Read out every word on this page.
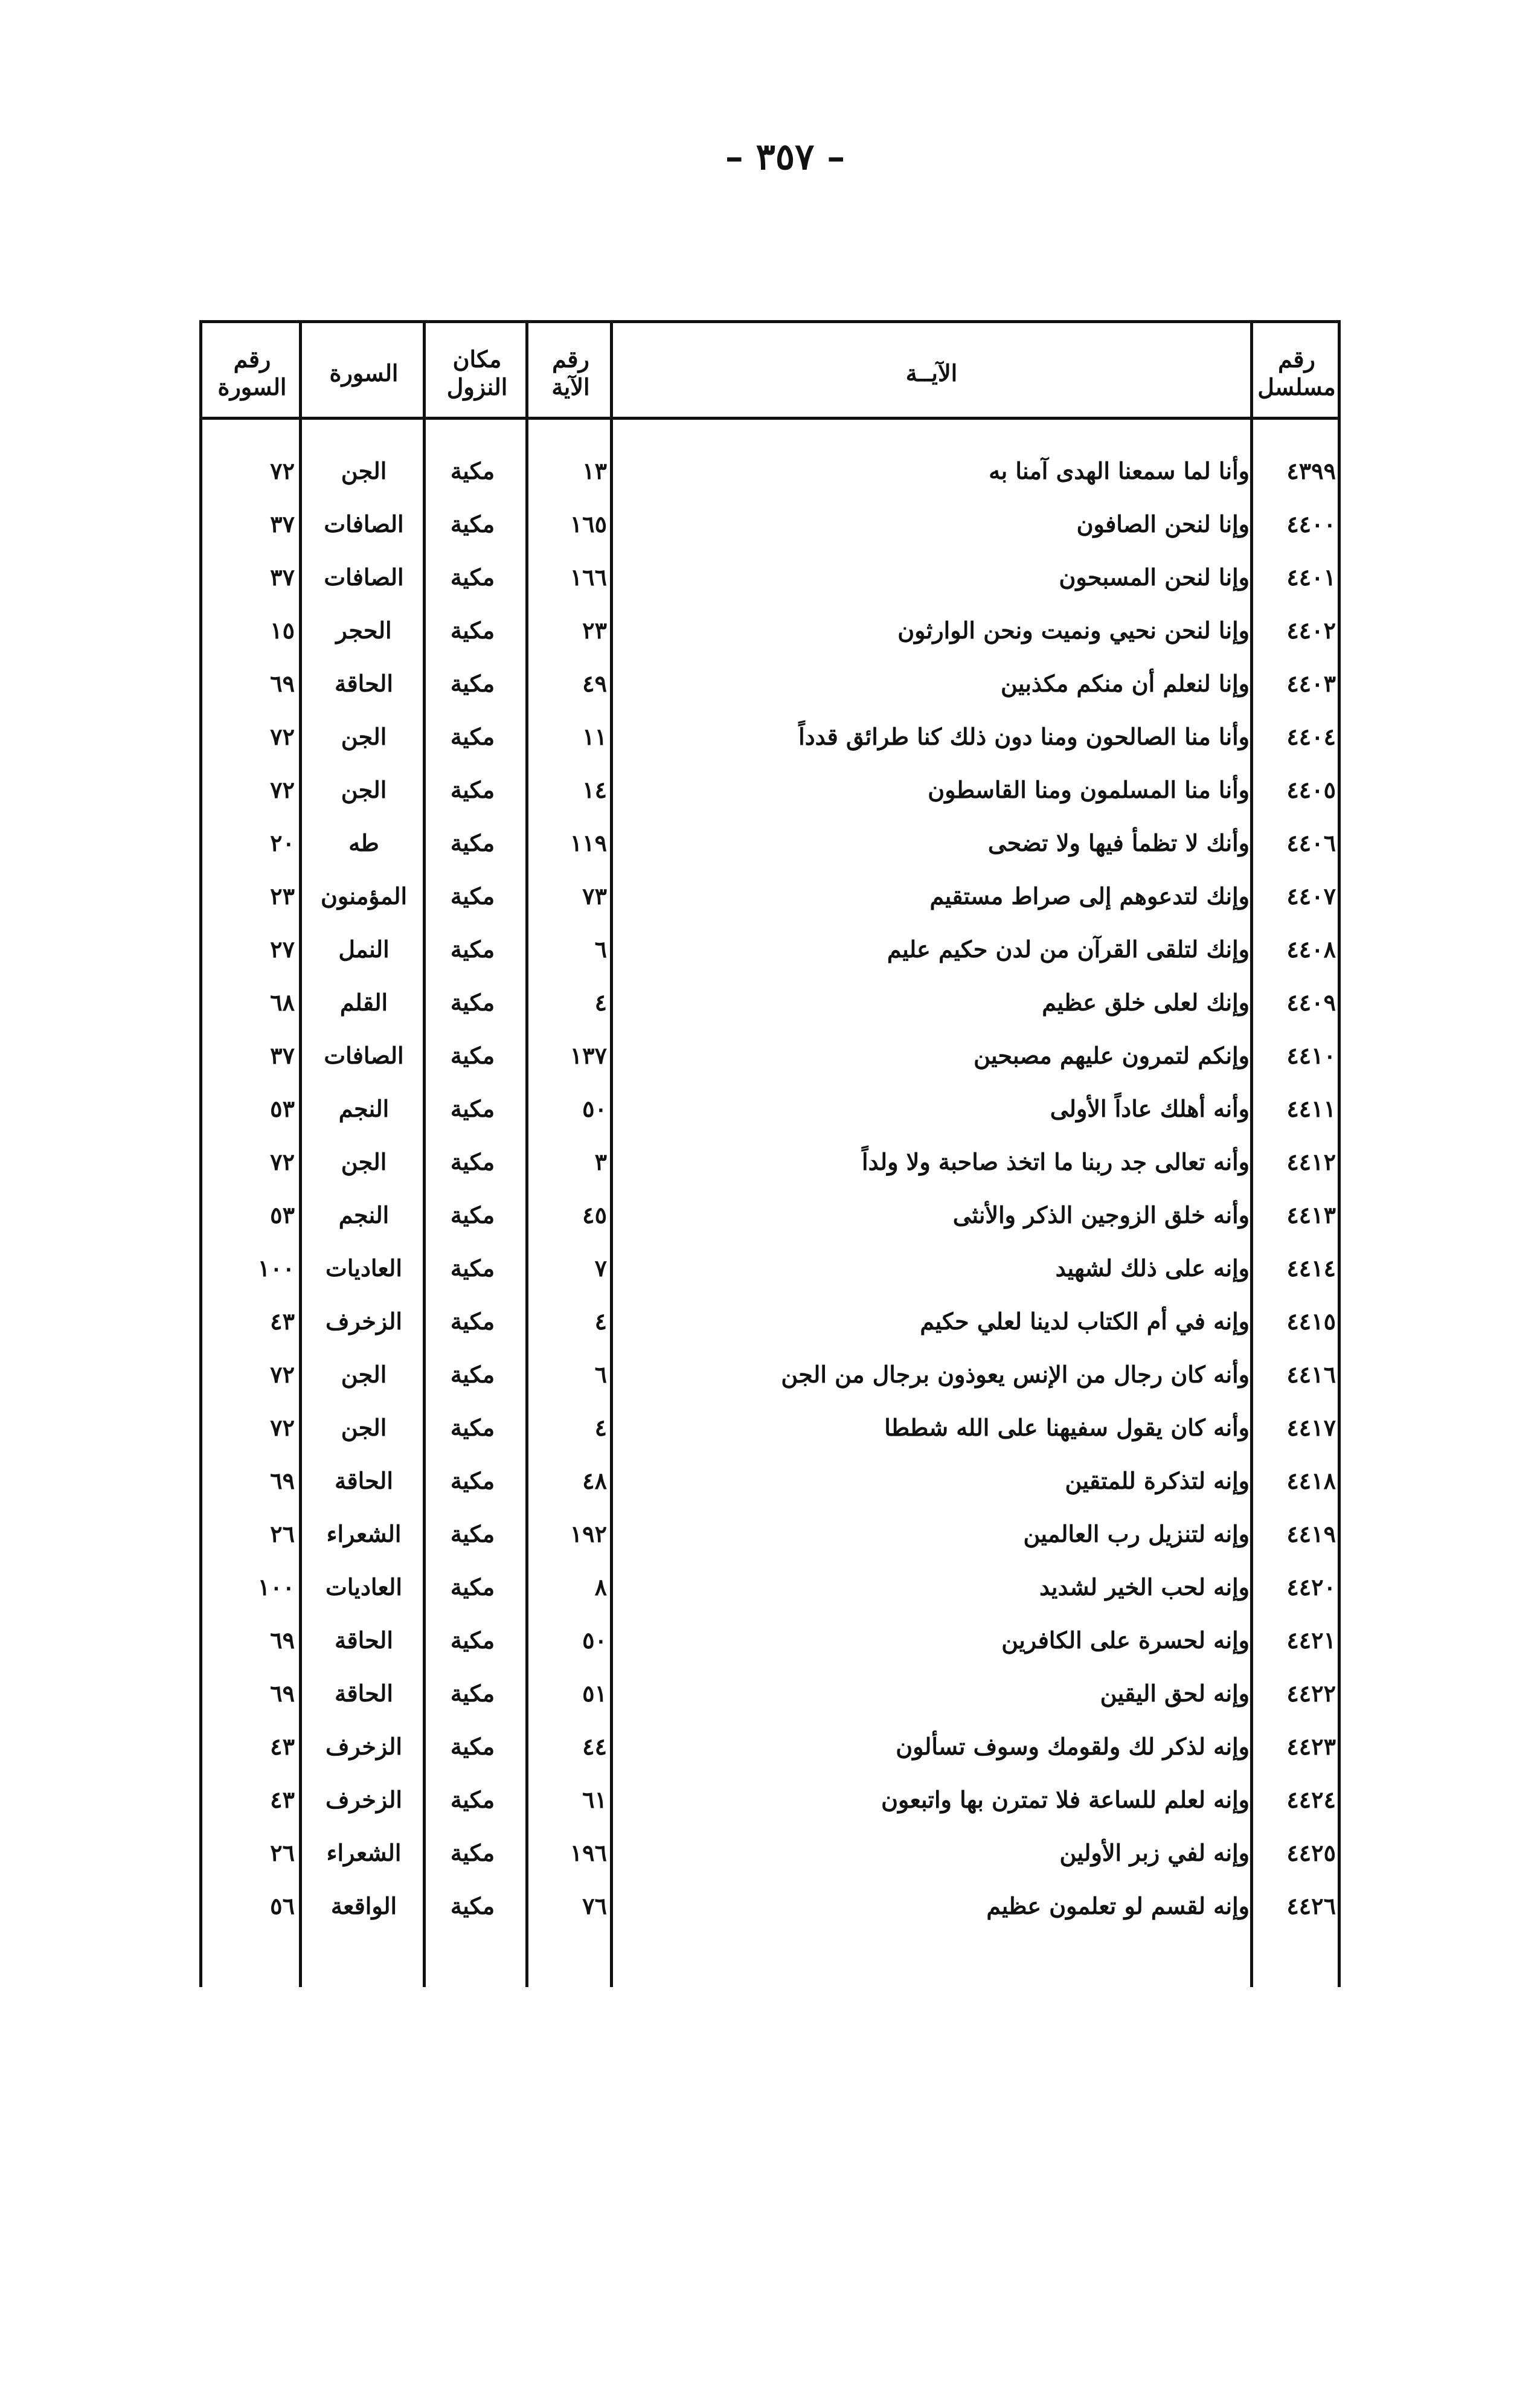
– ٣٥٧ –
رقم مسلسل
الآيــة
رقم الآية
مكان النزول
السورة
رقم السورة
٤٣٩٩
وأنا لما سمعنا الهدى آمنا به
١٣
مكية
الجن
٧٢
٤٤٠٠
وإنا لنحن الصافون
١٦٥
مكية
الصافات
٣٧
٤٤٠١
وإنا لنحن المسبحون
١٦٦
مكية
الصافات
٣٧
٤٤٠٢
وإنا لنحن نحيي ونميت ونحن الوارثون
٢٣
مكية
الحجر
١٥
٤٤٠٣
وإنا لنعلم أن منكم مكذبين
٤٩
مكية
الحاقة
٦٩
٤٤٠٤
وأنا منا الصالحون ومنا دون ذلك كنا طرائق قدداً
١١
مكية
الجن
٧٢
٤٤٠٥
وأنا منا المسلمون ومنا القاسطون
١٤
مكية
الجن
٧٢
٤٤٠٦
وأنك لا تظمأ فيها ولا تضحى
١١٩
مكية
طه
٢٠
٤٤٠٧
وإنك لتدعوهم إلى صراط مستقيم
٧٣
مكية
المؤمنون
٢٣
٤٤٠٨
وإنك لتلقى القرآن من لدن حكيم عليم
٦
مكية
النمل
٢٧
٤٤٠٩
وإنك لعلى خلق عظيم
٤
مكية
القلم
٦٨
٤٤١٠
وإنكم لتمرون عليهم مصبحين
١٣٧
مكية
الصافات
٣٧
٤٤١١
وأنه أهلك عاداً الأولى
٥٠
مكية
النجم
٥٣
٤٤١٢
وأنه تعالى جد ربنا ما اتخذ صاحبة ولا ولداً
٣
مكية
الجن
٧٢
٤٤١٣
وأنه خلق الزوجين الذكر والأنثى
٤٥
مكية
النجم
٥٣
٤٤١٤
وإنه على ذلك لشهيد
٧
مكية
العاديات
١٠٠
٤٤١٥
وإنه في أم الكتاب لدينا لعلي حكيم
٤
مكية
الزخرف
٤٣
٤٤١٦
وأنه كان رجال من الإنس يعوذون برجال من الجن
٦
مكية
الجن
٧٢
٤٤١٧
وأنه كان يقول سفيهنا على الله شططا
٤
مكية
الجن
٧٢
٤٤١٨
وإنه لتذكرة للمتقين
٤٨
مكية
الحاقة
٦٩
٤٤١٩
وإنه لتنزيل رب العالمين
١٩٢
مكية
الشعراء
٢٦
٤٤٢٠
وإنه لحب الخير لشديد
٨
مكية
العاديات
١٠٠
٤٤٢١
وإنه لحسرة على الكافرين
٥٠
مكية
الحاقة
٦٩
٤٤٢٢
وإنه لحق اليقين
٥١
مكية
الحاقة
٦٩
٤٤٢٣
وإنه لذكر لك ولقومك وسوف تسألون
٤٤
مكية
الزخرف
٤٣
٤٤٢٤
وإنه لعلم للساعة فلا تمترن بها واتبعون
٦١
مكية
الزخرف
٤٣
٤٤٢٥
وإنه لفي زبر الأولين
١٩٦
مكية
الشعراء
٢٦
٤٤٢٦
وإنه لقسم لو تعلمون عظيم
٧٦
مكية
الواقعة
٥٦
